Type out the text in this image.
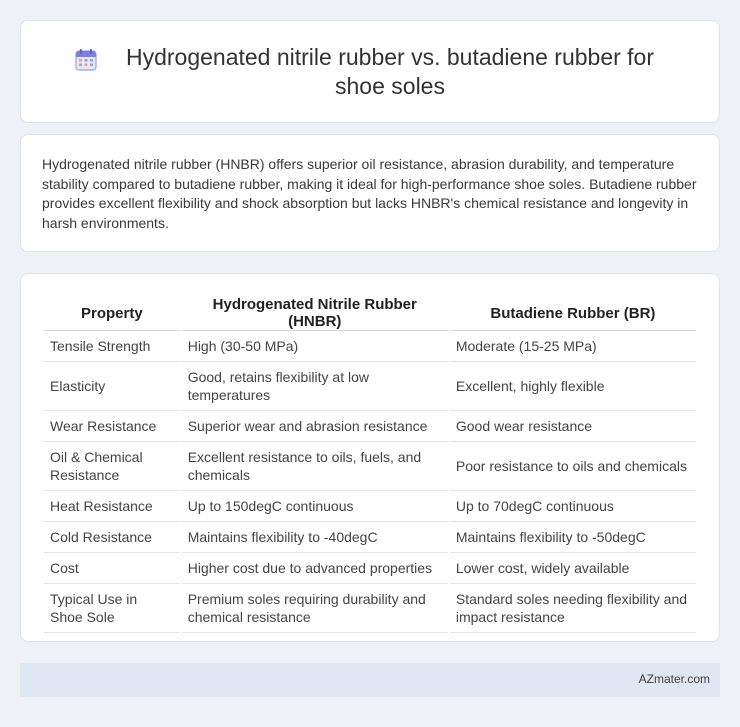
Hydrogenated nitrile rubber vs. butadiene rubber for shoe soles

Hydrogenated nitrile rubber (HNBR) offers superior oil resistance, abrasion durability, and temperature stability compared to butadiene rubber, making it ideal for high-performance shoe soles. Butadiene rubber provides excellent flexibility and shock absorption but lacks HNBR's chemical resistance and longevity in harsh environments.

Property	Hydrogenated Nitrile Rubber (HNBR)	Butadiene Rubber (BR)
Tensile Strength	High (30-50 MPa)	Moderate (15-25 MPa)
Elasticity	Good, retains flexibility at low temperatures	Excellent, highly flexible
Wear Resistance	Superior wear and abrasion resistance	Good wear resistance
Oil & Chemical Resistance	Excellent resistance to oils, fuels, and chemicals	Poor resistance to oils and chemicals
Heat Resistance	Up to 150degC continuous	Up to 70degC continuous
Cold Resistance	Maintains flexibility to -40degC	Maintains flexibility to -50degC
Cost	Higher cost due to advanced properties	Lower cost, widely available
Typical Use in Shoe Sole	Premium soles requiring durability and chemical resistance	Standard soles needing flexibility and impact resistance
AZmater.com
